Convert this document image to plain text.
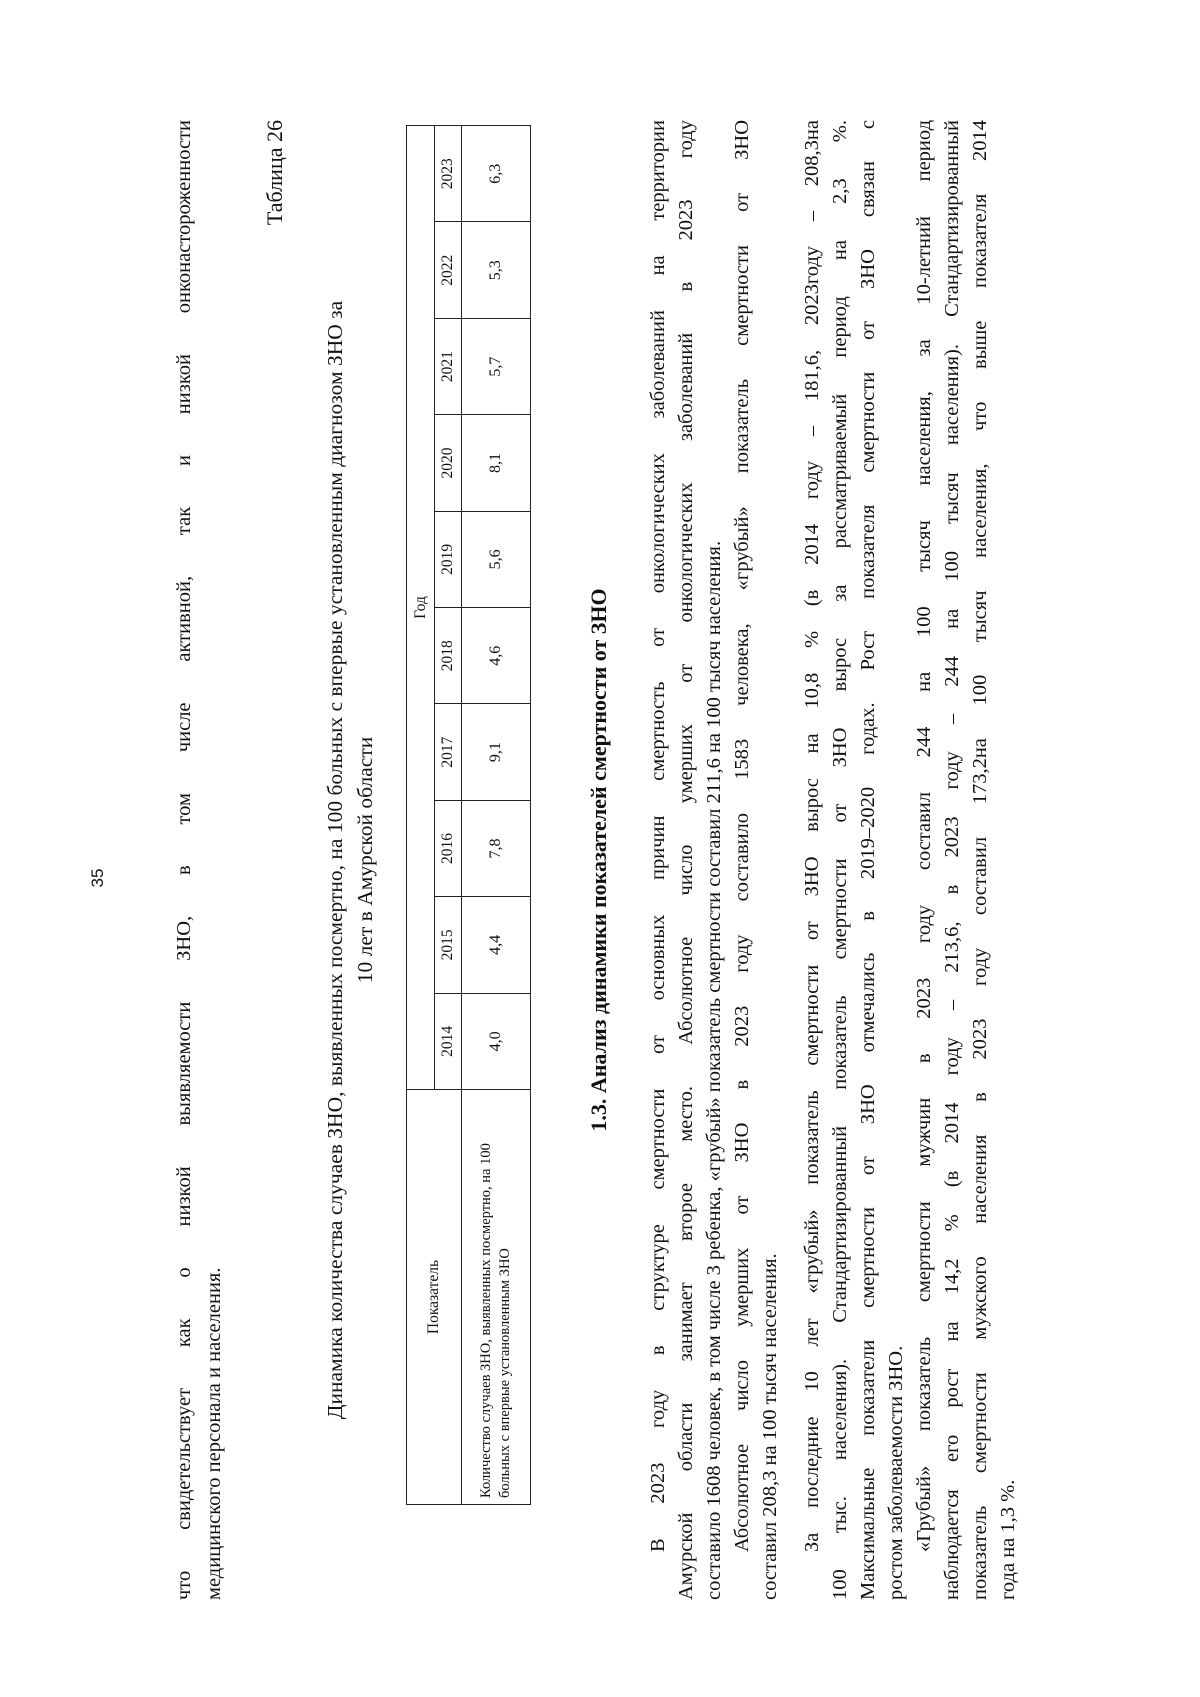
35	что свидетельствует как о низкой выявляемости ЗНО, в том числе активной, так и низкой онконастороженности медицинского персонала и населения.
Таблица 26
Динамика количества случаев ЗНО, выявленных посмертно, на 100 больных с впервые установленным диагнозом ЗНО за 10 лет в Амурской области
Показатель	Год									
	2014	2015	2016	2017	2018	2019	2020	2021	2022	2023
Количество случаев ЗНО, выявленных посмертно, на 100 больных с впервые установленным ЗНО	4,0	4,4	7,8	9,1	4,6	5,6	8,1	5,7	5,3	6,3
1.3. Анализ динамики показателей смертности от ЗНО В 2023 году в структуре смертности от основных причин смертность от онкологических заболеваний на территории Амурской области занимает второе место. Абсолютное число умерших от онкологических заболеваний в 2023 году составило 1608 человек, в том числе 3 ребенка, «грубый» показатель смертности составил 211,6 на 100 тысяч населения. Абсолютное число умерших от ЗНО в 2023 году составило 1583 человека, «грубый» показатель смертности от ЗНО составил 208,3 на 100 тысяч населения. За последние 10 лет «грубый» показатель смертности от ЗНО вырос на 10,8 % (в 2014 году – 181,6, 2023году – 208,3на 100 тыс. населения). Стандартизированный показатель смертности от ЗНО вырос за рассматриваемый период на 2,3 %. Максимальные показатели смертности от ЗНО отмечались в 2019–2020 годах. Рост показателя смертности от ЗНО связан с ростом заболеваемости ЗНО. «Грубый» показатель смертности мужчин в 2023 году составил 244 на 100 тысяч населения, за 10-летний период наблюдается его рост на 14,2 % (в 2014 году – 213,6, в 2023 году – 244 на 100 тысяч населения). Стандартизированный показатель смертности мужского населения в 2023 году составил 173,2на 100 тысяч населения, что выше показателя 2014 года на 1,3 %.
